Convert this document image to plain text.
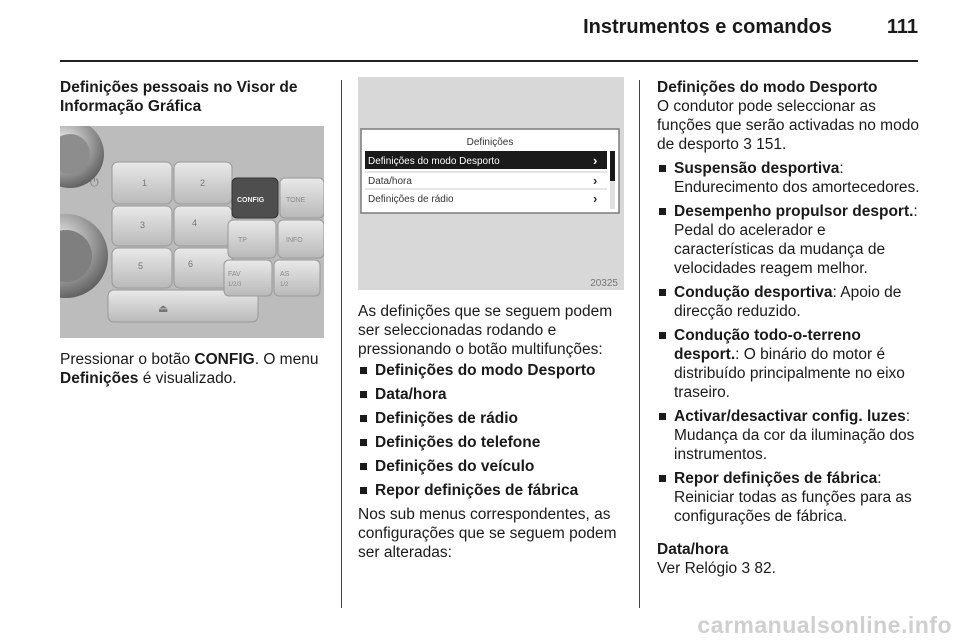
Instrumentos e comandos	111

Definições pessoais no Visor de Informação Gráfica

⏻	1	2
3	4
5	6
⏏
CONFIG	TONE
TP	INFO
FAV
1/2/3
AS
1/2

Pressionar o botão CONFIG. O menu Definições é visualizado.

Definições
Definições do modo Desporto	›
Data/hora	›
Definições de rádio	›
20325

As definições que se seguem podem ser seleccionadas rodando e pressionando o botão multifunções:

Definições do modo Desporto
Data/hora
Definições de rádio
Definições do telefone
Definições do veículo
Repor definições de fábrica

Nos sub menus correspondentes, as configurações que se seguem podem ser alteradas:

Definições do modo Desporto

O condutor pode seleccionar as funções que serão activadas no modo de desporto 3 151.

Suspensão desportiva: Endurecimento dos amortecedores.
Desempenho propulsor desport.: Pedal do acelerador e características da mudança de velocidades reagem melhor.
Condução desportiva: Apoio de direcção reduzido.
Condução todo-o-terreno desport.: O binário do motor é distribuído principalmente no eixo traseiro.
Activar/desactivar config. luzes: Mudança da cor da iluminação dos instrumentos.
Repor definições de fábrica: Reiniciar todas as funções para as configurações de fábrica.

Data/hora

Ver Relógio 3 82.

carmanualsonline.info
